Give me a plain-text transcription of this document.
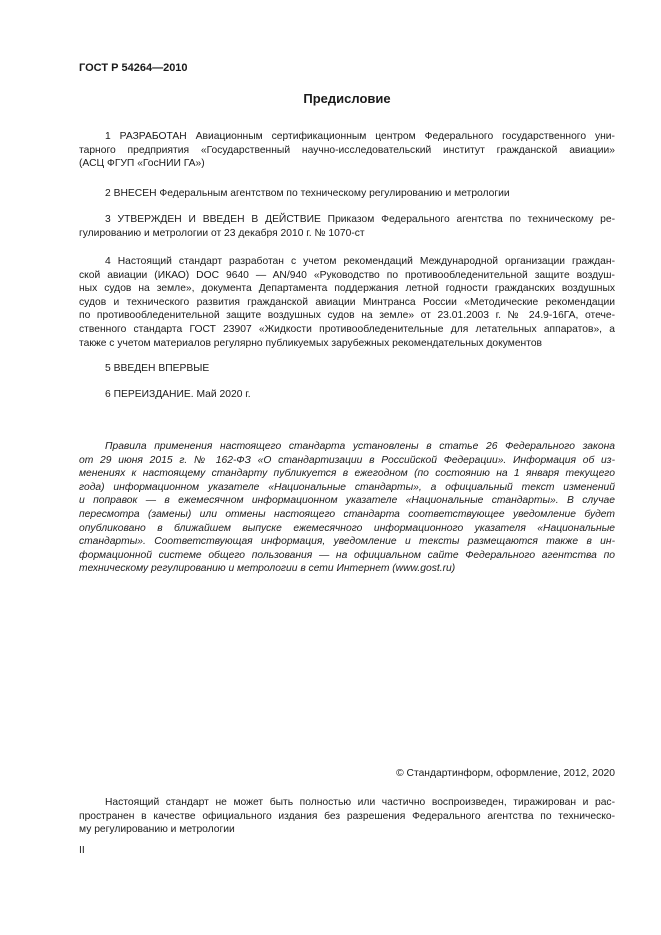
ГОСТ Р 54264—2010
Предисловие
1 РАЗРАБОТАН Авиационным сертификационным центром Федерального государственного уни-
тарного предприятия «Государственный научно-исследовательский институт гражданской авиации»
(АСЦ ФГУП «ГосНИИ ГА»)
2 ВНЕСЕН Федеральным агентством по техническому регулированию и метрологии
3 УТВЕРЖДЕН И ВВЕДЕН В ДЕЙСТВИЕ Приказом Федерального агентства по техническому ре-
гулированию и метрологии от 23 декабря 2010 г. № 1070-ст
4 Настоящий стандарт разработан с учетом рекомендаций Международной организации граждан-
ской авиации (ИКАО) DOC 9640 — AN/940 «Руководство по противообледенительной защите воздуш-
ных судов на земле», документа Департамента поддержания летной годности гражданских воздушных
судов и технического развития гражданской авиации Минтранса России «Методические рекомендации
по противообледенительной защите воздушных судов на земле» от 23.01.2003 г. № 24.9-16ГА, отече-
ственного стандарта ГОСТ 23907 «Жидкости противообледенительные для летательных аппаратов», а
также с учетом материалов регулярно публикуемых зарубежных рекомендательных документов
5 ВВЕДЕН ВПЕРВЫЕ
6 ПЕРЕИЗДАНИЕ. Май 2020 г.
Правила применения настоящего стандарта установлены в статье 26 Федерального закона
от 29 июня 2015 г. № 162-ФЗ «О стандартизации в Российской Федерации». Информация об из-
менениях к настоящему стандарту публикуется в ежегодном (по состоянию на 1 января текущего
года) информационном указателе «Национальные стандарты», а официальный текст изменений
и поправок — в ежемесячном информационном указателе «Национальные стандарты». В случае
пересмотра (замены) или отмены настоящего стандарта соответствующее уведомление будет
опубликовано в ближайшем выпуске ежемесячного информационного указателя «Национальные
стандарты». Соответствующая информация, уведомление и тексты размещаются также в ин-
формационной системе общего пользования — на официальном сайте Федерального агентства по
техническому регулированию и метрологии в сети Интернет (www.gost.ru)
© Стандартинформ, оформление, 2012, 2020
Настоящий стандарт не может быть полностью или частично воспроизведен, тиражирован и рас-
пространен в качестве официального издания без разрешения Федерального агентства по техническо-
му регулированию и метрологии
II
